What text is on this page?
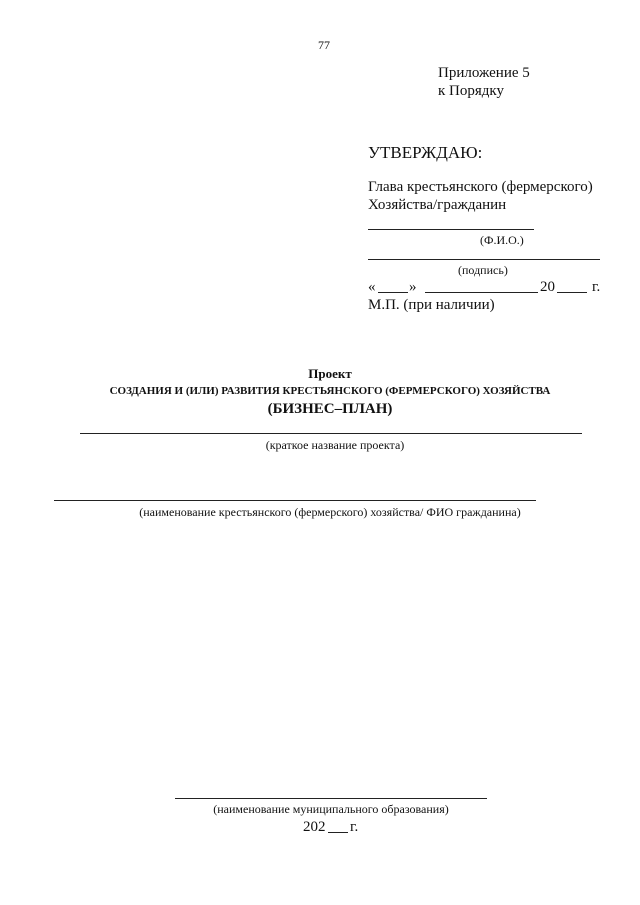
77
Приложение 5
к Порядку
УТВЕРЖДАЮ:
Глава крестьянского (фермерского)
Хозяйства/гражданин
(Ф.И.О.)
(подпись)
« »	20 г.
М.П. (при наличии)
Проект
СОЗДАНИЯ И (ИЛИ) РАЗВИТИЯ КРЕСТЬЯНСКОГО (ФЕРМЕРСКОГО) ХОЗЯЙСТВА
(БИЗНЕС–ПЛАН)
(краткое название проекта)
(наименование крестьянского (фермерского) хозяйства/ ФИО гражданина)
(наименование муниципального образования)
202 г.
